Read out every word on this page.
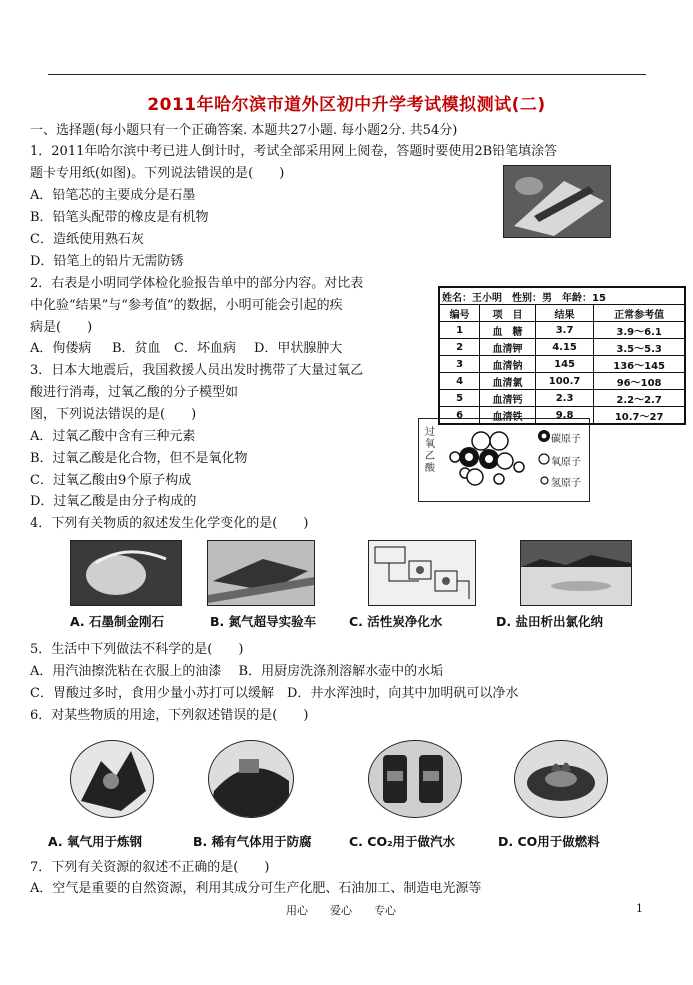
2011年哈尔滨市道外区初中升学考试模拟测试(二)
一、选择题(每小题只有一个正确答案. 本题共27小题. 每小题2分. 共54分)
1．2011年哈尔滨中考已进人倒计时，考试全部采用网上阅卷，答题时要使用2B铅笔填涂答
题卡专用纸(如图)。下列说法错误的是(　　)
A．铅笔芯的主要成分是石墨
B．铅笔头配带的橡皮是有机物
C．造纸使用熟石灰
D．铅笔上的铅片无需防锈
2．右表是小明同学体检化验报告单中的部分内容。对比表
中化验“结果”与“参考值”的数据，小明可能会引起的疾
病是(　　)
A．佝偻病 B．贫血 C．坏血病 D．甲状腺肿大
姓名：王小明　性别：男　年龄：15			
编号	项　目	结果	正常参考值
1	血　糖	3.7	3.9～6.1
2	血清钾	4.15	3.5～5.3
3	血清钠	145	136～145
4	血清氯	100.7	96～108
5	血清钙	2.3	2.2～2.7
6	血清铁	9.8	10.7～27
3．日本大地震后，我国救援人员出发时携带了大量过氧乙
酸进行消毒，过氧乙酸的分子模型如
图，下列说法错误的是(　　)
A．过氧乙酸中含有三种元素
B．过氧乙酸是化合物，但不是氧化物
C．过氧乙酸由9个原子构成
D．过氧乙酸是由分子构成的
过氧乙酸
碳原子
氧原子
氢原子
4．下列有关物质的叙述发生化学变化的是(　　)
A. 石墨制金刚石	B. 氮气超导实验车	C. 活性炭净化水	D. 盐田析出氯化纳
5．生活中下列做法不科学的是(　　)
A．用汽油擦洗粘在衣服上的油漆　 B．用厨房洗涤剂溶解水壶中的水垢
C．胃酸过多时，食用少量小苏打可以缓解　D．井水浑浊时，向其中加明矾可以净水
6．对某些物质的用途，下列叙述错误的是(　　)
A. 氧气用于炼钢	B. 稀有气体用于防腐	C. CO₂用于做汽水	D. CO用于做燃料
7．下列有关资源的叙述不正确的是(　　)
A．空气是重要的自然资源，利用其成分可生产化肥、石油加工、制造电光源等
用心　　爱心　　专心	1
